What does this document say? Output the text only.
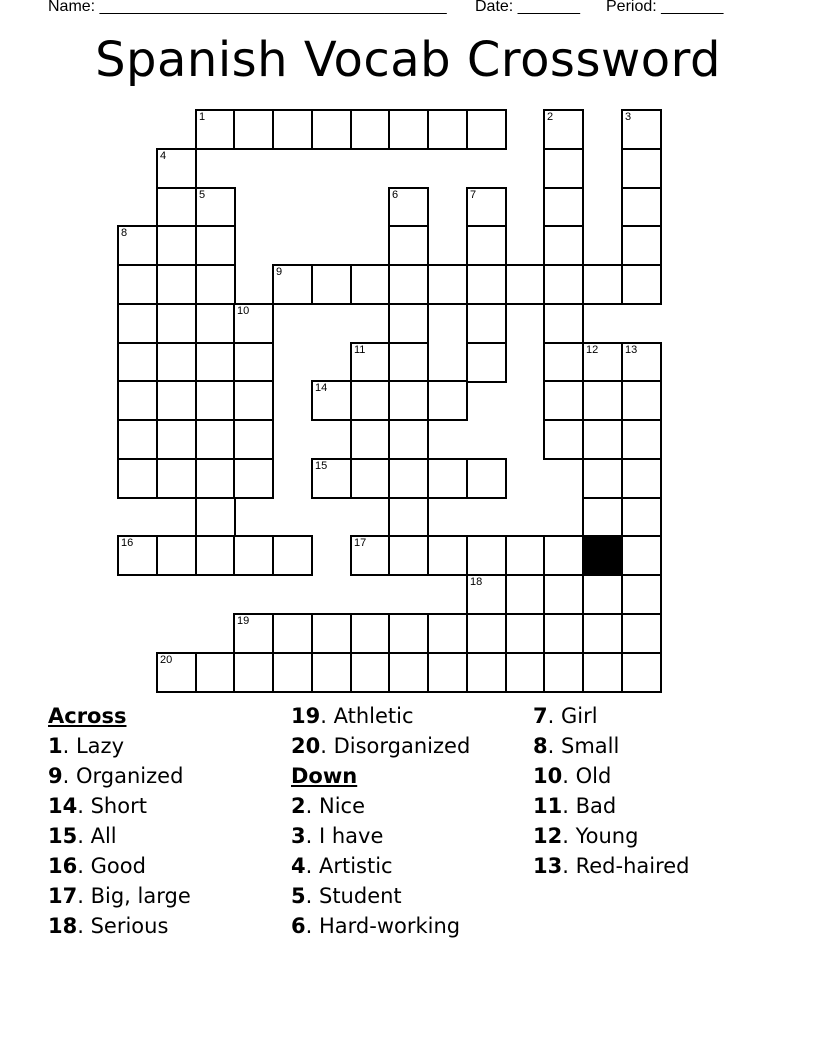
Name: _______________________________________ Date: _______ Period: _______
Spanish Vocab Crossword
1	2	3
4
5	6	7
8
9
10
11	12 13
14
15
16	17
18
19
20
Across
1. Lazy
9. Organized
14. Short
15. All
16. Good
17. Big, large
18. Serious
19. Athletic
20. Disorganized
Down
2. Nice
3. I have
4. Artistic
5. Student
6. Hard-working
7. Girl
8. Small
10. Old
11. Bad
12. Young
13. Red-haired
